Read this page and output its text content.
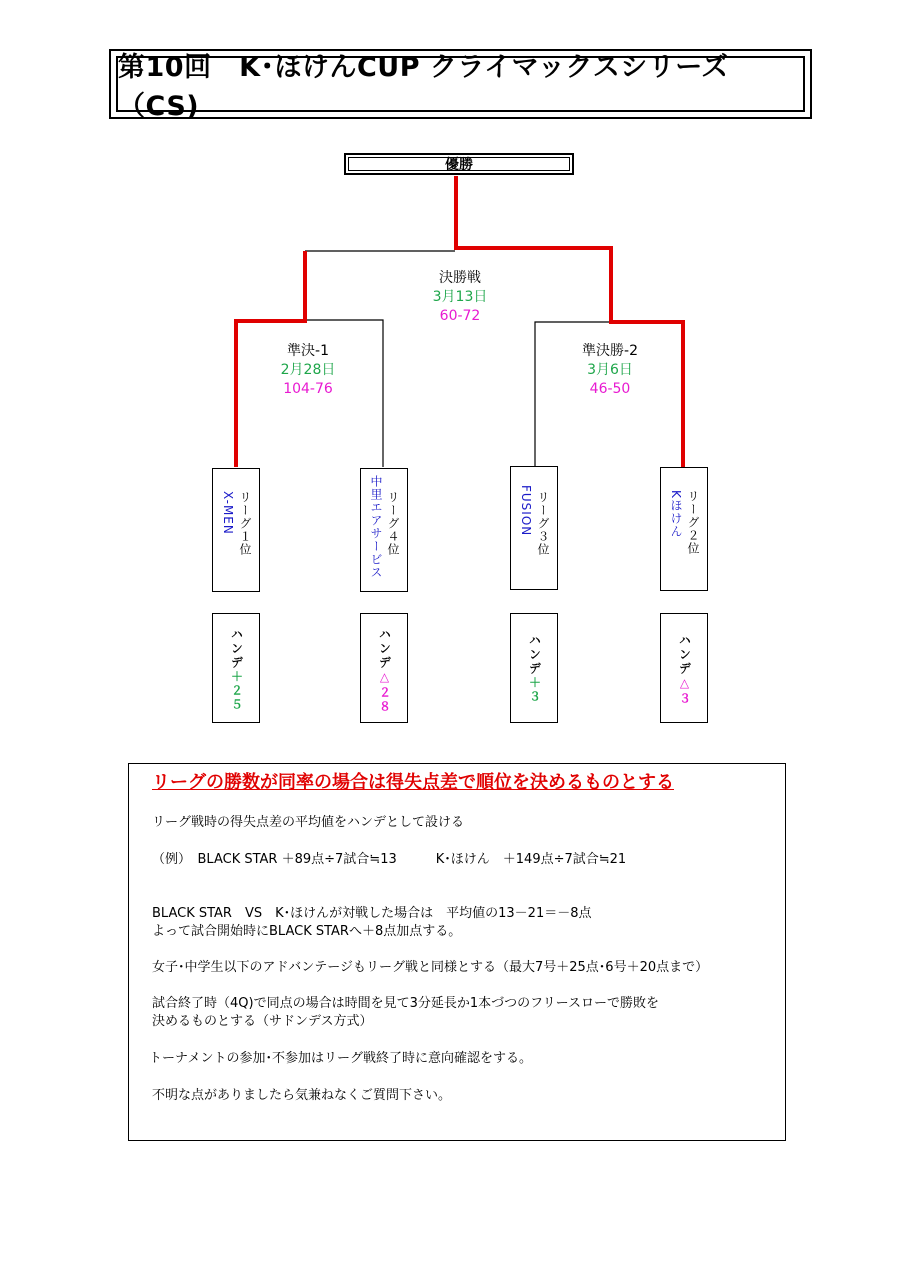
第10回　K･ほけんCUP クライマックスシリーズ（CS)
優勝
決勝戦
3月13日
60-72
準決-1
2月28日
104-76
準決勝-2
3月6日
46-50
リーグ１位
X-MEN	リーグ４位
中里エアサービス	リーグ３位
FUSION	リーグ２位
Kほけん
ハンデ＋２５
ハンデ△２８
ハンデ＋３
ハンデ△３
リーグの勝数が同率の場合は得失点差で順位を決めるものとする
リーグ戦時の得失点差の平均値をハンデとして設ける
（例）　BLACK STAR ＋89点÷7試合≒13　　　K･ほけん　＋149点÷7試合≒21
BLACK STAR　VS　K･ほけんが対戦した場合は　平均値の13－21＝－8点
よって試合開始時にBLACK STARへ＋8点加点する。
女子･中学生以下のアドバンテージもリーグ戦と同様とする（最大7号＋25点･6号＋20点まで）
試合終了時（4Q)で同点の場合は時間を見て3分延長か1本づつのフリースローで勝敗を
決めるものとする（サドンデス方式）
トーナメントの参加･不参加はリーグ戦終了時に意向確認をする。
不明な点がありましたら気兼ねなくご質問下さい。
